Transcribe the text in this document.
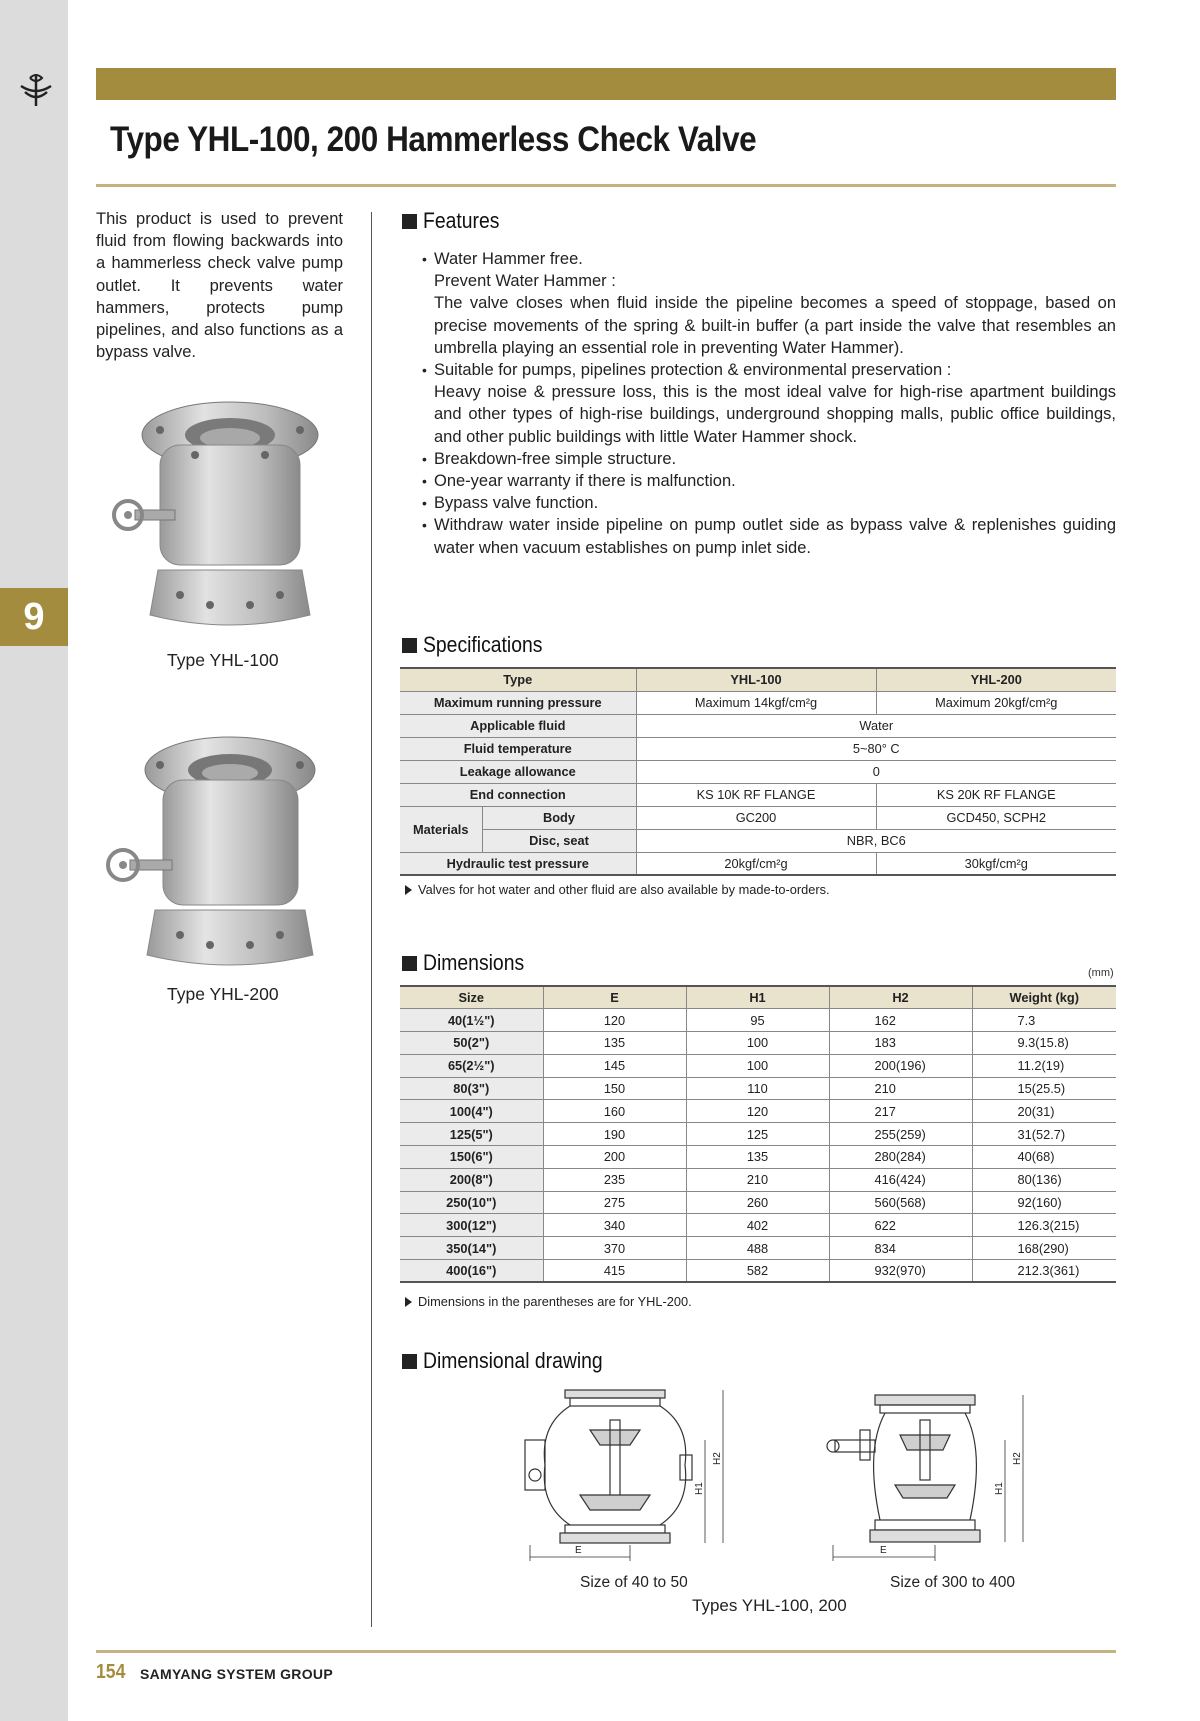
9
Type YHL-100, 200 Hammerless Check Valve

This product is used to prevent fluid from flowing backwards into a hammerless check valve pump outlet. It prevents water hammers, protects pump pipelines, and also functions as a bypass valve.

Type YHL-100
Type YHL-200
Features
• Water Hammer free.
Prevent Water Hammer :
The valve closes when fluid inside the pipeline becomes a speed of stoppage, based on precise movements of the spring & built-in buffer (a part inside the valve that resembles an umbrella playing an essential role in preventing Water Hammer).
• Suitable for pumps, pipelines protection & environmental preservation :
Heavy noise & pressure loss, this is the most ideal valve for high-rise apartment buildings and other types of high-rise buildings, underground shopping malls, public office buildings, and other public buildings with little Water Hammer shock.
• Breakdown-free simple structure.
• One-year warranty if there is malfunction.
• Bypass valve function.
• Withdraw water inside pipeline on pump outlet side as bypass valve & replenishes guiding water when vacuum establishes on pump inlet side.
Specifications
Type		YHL-100	YHL-200
Maximum running pressure		Maximum 14kgf/cm²g	Maximum 20kgf/cm²g
Applicable fluid		Water	
Fluid temperature		5~80° C	
Leakage allowance		0	
End connection		KS 10K RF FLANGE	KS 20K RF FLANGE
Materials	Body	GC200	GCD450, SCPH2
	Disc, seat	NBR, BC6	
Hydraulic test pressure		20kgf/cm²g	30kgf/cm²g
Valves for hot water and other fluid are also available by made-to-orders.
Dimensions	(mm)
Size	E	H1	H2	Weight (kg)
40(1½")	120	95	162	7.3
50(2")	135	100	183	9.3(15.8)
65(2½")	145	100	200(196)	11.2(19)
80(3")	150	110	210	15(25.5)
100(4")	160	120	217	20(31)
125(5")	190	125	255(259)	31(52.7)
150(6")	200	135	280(284)	40(68)
200(8")	235	210	416(424)	80(136)
250(10")	275	260	560(568)	92(160)
300(12")	340	402	622	126.3(215)
350(14")	370	488	834	168(290)
400(16")	415	582	932(970)	212.3(361)
Dimensions in the parentheses are for YHL-200.
Dimensional drawing
E
H1
H2
E
H1
H2
Size of 40 to 50	Size of 300 to 400
Types YHL-100, 200
154 SAMYANG SYSTEM GROUP
